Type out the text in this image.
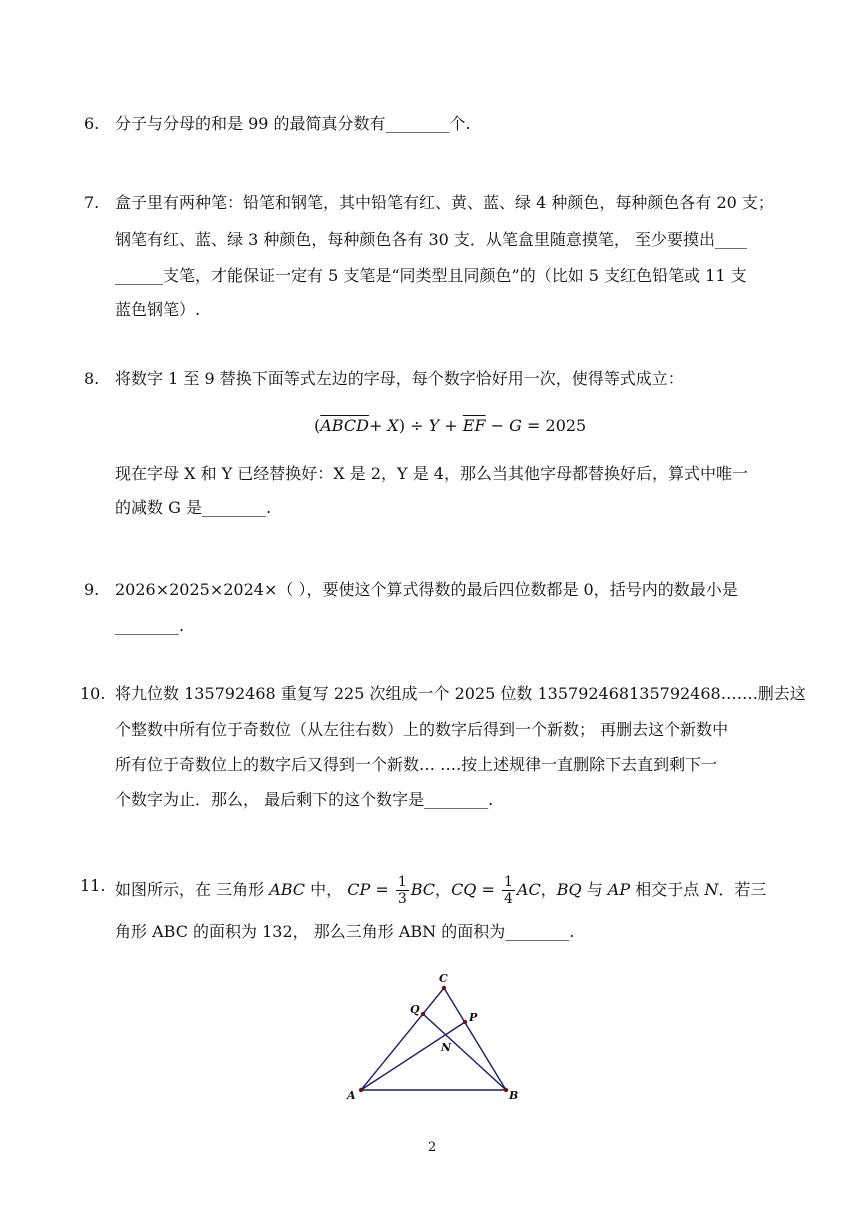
6. 分子与分母的和是 99 的最简真分数有________个.
7. 盒子里有两种笔：铅笔和钢笔，其中铅笔有红、黄、蓝、绿 4 种颜色，每种颜色各有 20 支；
钢笔有红、蓝、绿 3 种颜色，每种颜色各有 30 支．从笔盒里随意摸笔， 至少要摸出____
______支笔，才能保证一定有 5 支笔是“同类型且同颜色”的（比如 5 支红色铅笔或 11 支
蓝色钢笔）.
8. 将数字 1 至 9 替换下面等式左边的字母，每个数字恰好用一次，使得等式成立：
(ABCD+ $X) \div Y + \overline{EF} - G = 2025$
现在字母 X 和 Y 已经替换好：X 是 2，Y 是 4，那么当其他字母都替换好后，算式中唯一
的减数 G 是________.
9. 2026×2025×2024×（ ），要使这个算式得数的最后四位数都是 0，括号内的数最小是
________.
10. 将九位数 135792468 重复写 225 次组成一个 2025 位数 135792468135792468…….删去这
个整数中所有位于奇数位（从左往右数）上的数字后得到一个新数； 再删去这个新数中
所有位于奇数位上的数字后又得到一个新数… ….按上述规律一直删除下去直到剩下一
个数字为止．那么， 最后剩下的这个数字是________.
11. 如图所示，在 三角形 ABC 中， CP = $\frac{1}{3}$ BC，CQ = $\frac{1}{4}$ AC，BQ 与 AP 相交于点 N．若三
角形 ABC 的面积为 132， 那么三角形 ABN 的面积为________.
A	B
C
P
Q
N
2
